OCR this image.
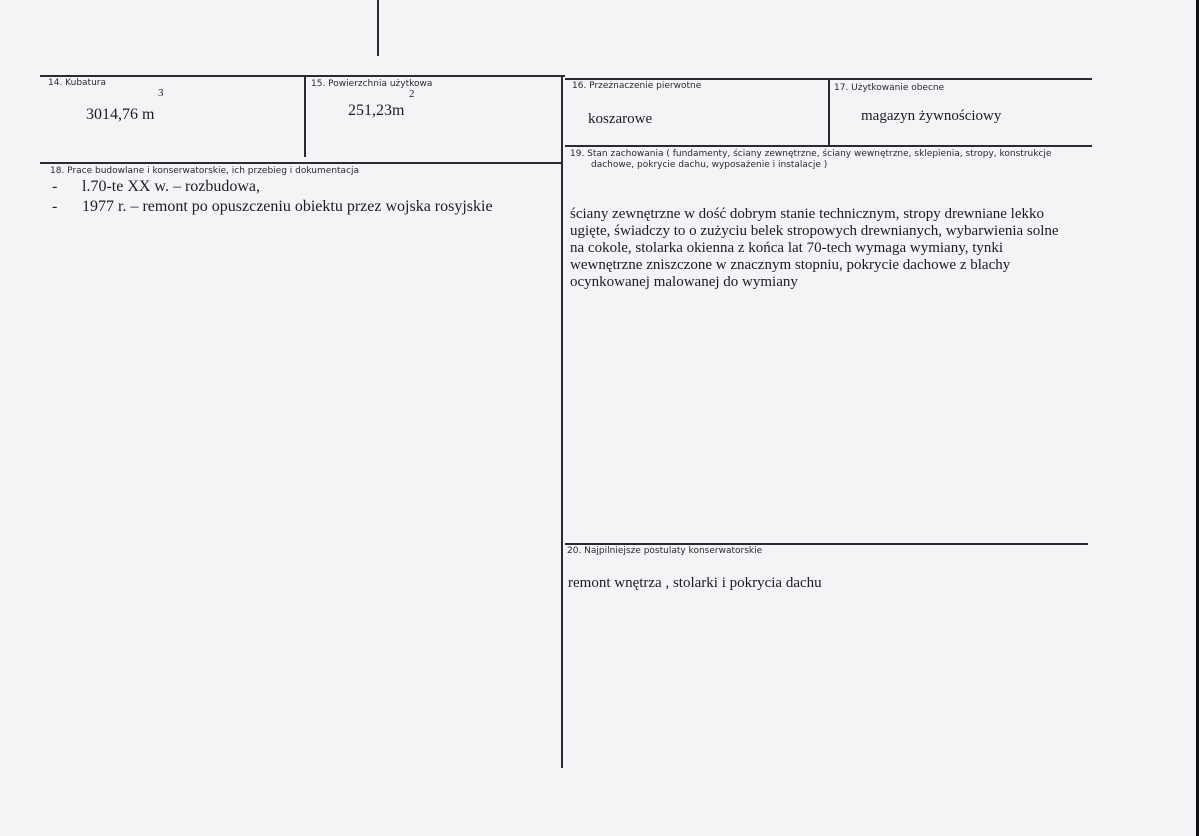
14. Kubatura
3
3014,76 m
15. Powierzchnia użytkowa
2
251,23m
16. Przeznaczenie pierwotne
koszarowe
17. Użytkowanie obecne
magazyn żywnościowy
18. Prace budowlane i konserwatorskie, ich przebieg i dokumentacja
- l.70-te XX w. – rozbudowa,
- 1977 r. – remont po opuszczeniu obiektu przez wojska rosyjskie
19. Stan zachowania ( fundamenty, ściany zewnętrzne, ściany wewnętrzne, sklepienia, stropy, konstrukcje
dachowe, pokrycie dachu, wyposażenie i instalacje )
ściany zewnętrzne w dość dobrym stanie technicznym, stropy drewniane lekko
ugięte, świadczy to o zużyciu belek stropowych drewnianych, wybarwienia solne
na cokole, stolarka okienna z końca lat 70-tech wymaga wymiany, tynki
wewnętrzne zniszczone w znacznym stopniu, pokrycie dachowe z blachy
ocynkowanej malowanej do wymiany
20. Najpilniejsze postulaty konserwatorskie
remont wnętrza , stolarki i pokrycia dachu
